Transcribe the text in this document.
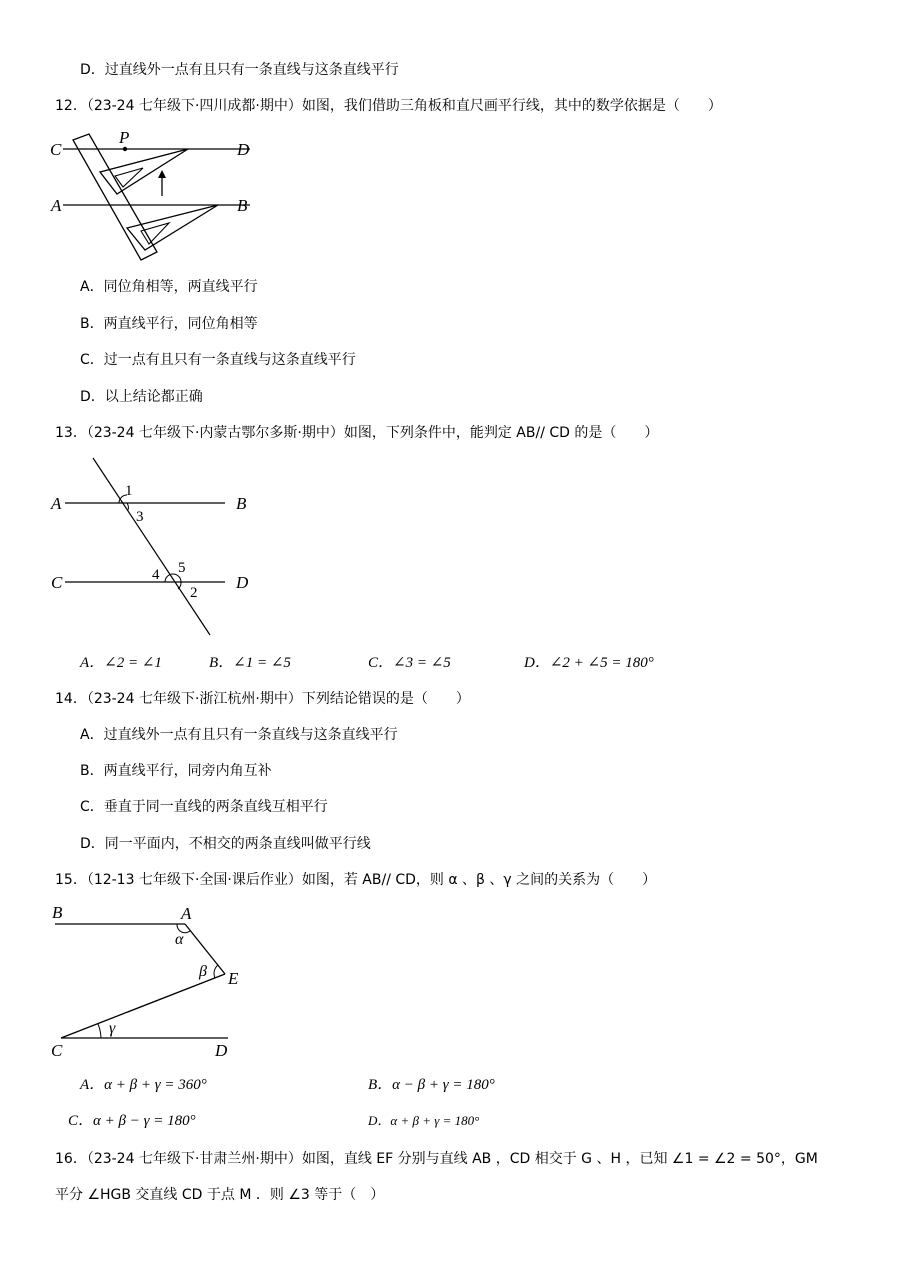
D．过直线外一点有且只有一条直线与这条直线平行
12．（23-24 七年级下·四川成都·期中）如图，我们借助三角板和直尺画平行线，其中的数学依据是（　　）
C
P
D
A	B
A．同位角相等，两直线平行
B．两直线平行，同位角相等
C．过一点有且只有一条直线与这条直线平行
D．以上结论都正确
13．（23-24 七年级下·内蒙古鄂尔多斯·期中）如图，下列条件中，能判定 AB// CD 的是（　　）
A	B
C	D
1
3
4 5
2
A．∠2 = ∠1	B．∠1 = ∠5	C．∠3 = ∠5	D．∠2 + ∠5 = 180°
14．（23-24 七年级下·浙江杭州·期中）下列结论错误的是（　　）
A．过直线外一点有且只有一条直线与这条直线平行
B．两直线平行，同旁内角互补
C．垂直于同一直线的两条直线互相平行
D．同一平面内，不相交的两条直线叫做平行线
15．（12-13 七年级下·全国·课后作业）如图，若 AB// CD，则 α 、β 、γ 之间的关系为（　　）
B	A
α
β E
γ
C	D
A．α + β + γ = 360°	B．α − β + γ = 180°
C．α + β − γ = 180°	D．α + β + γ = 180°
16．（23-24 七年级下·甘肃兰州·期中）如图，直线 EF 分别与直线 AB ，CD 相交于 G 、H ，已知 ∠1 = ∠2 = 50°，GM
平分 ∠HGB 交直线 CD 于点 M ．则 ∠3 等于（　）
